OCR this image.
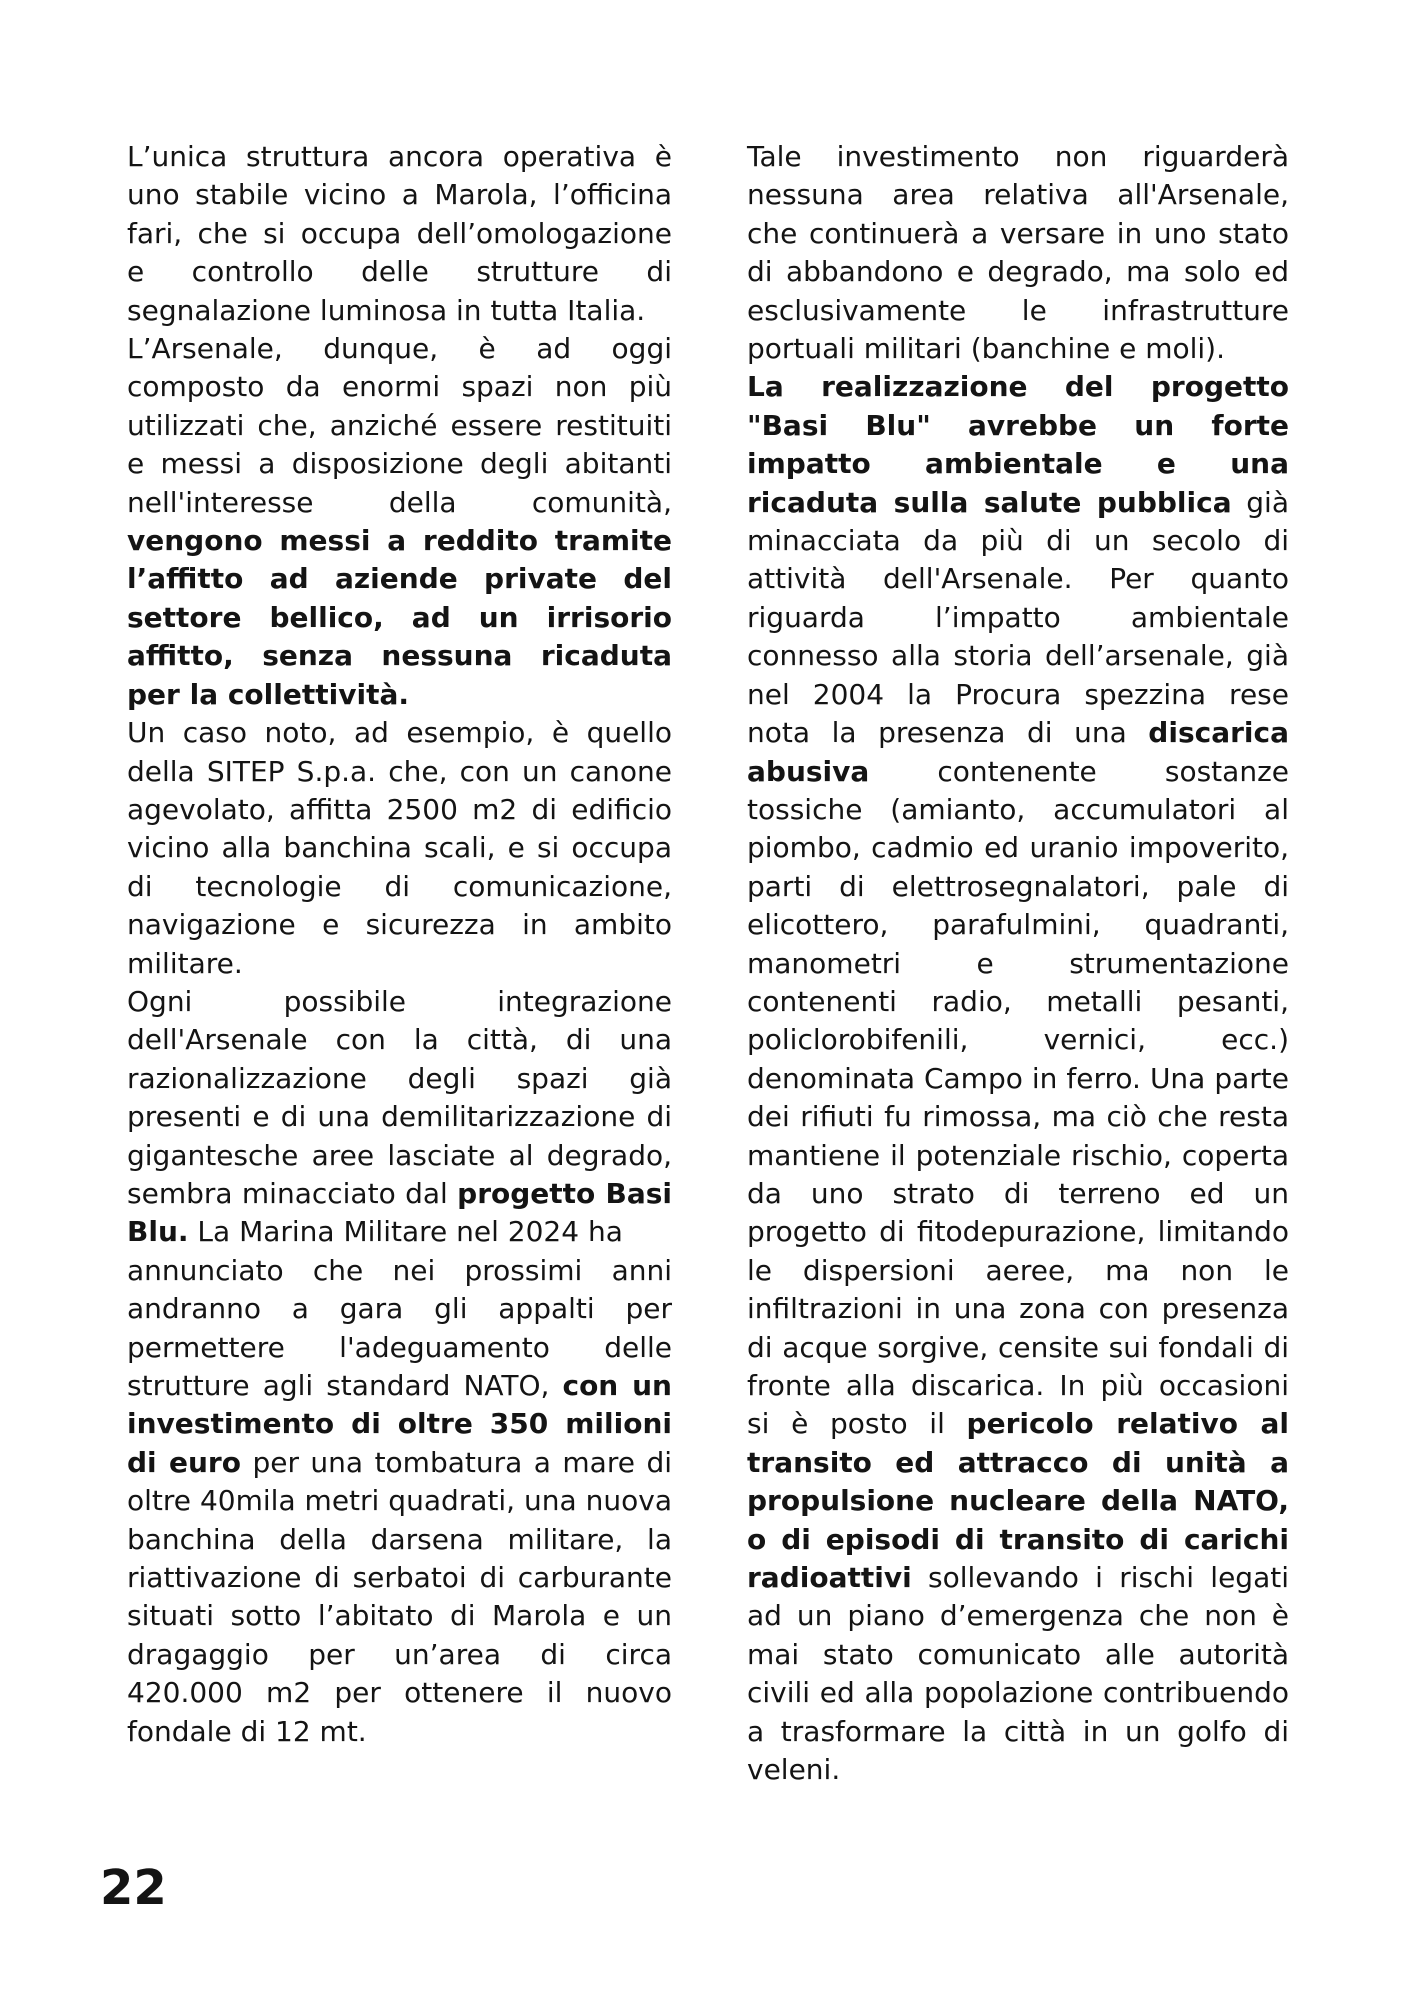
L’unica struttura ancora operativa è uno stabile vicino a Marola, l’officina fari, che si occupa dell’omologazione e controllo delle strutture di segnalazione luminosa in tutta Italia.

L’Arsenale, dunque, è ad oggi composto da enormi spazi non più utilizzati che, anziché essere restituiti e messi a disposizione degli abitanti nell'interesse della comunità, vengono messi a reddito tramite l’affitto ad aziende private del settore bellico, ad un irrisorio affitto, senza nessuna ricaduta per la collettività.

Un caso noto, ad esempio, è quello della SITEP S.p.a. che, con un canone agevolato, affitta 2500 m2 di edificio vicino alla banchina scali, e si occupa di tecnologie di comunicazione, navigazione e sicurezza in ambito militare.

Ogni possibile integrazione dell'Arsenale con la città, di una razionalizzazione degli spazi già presenti e di una demilitarizzazione di gigantesche aree lasciate al degrado, sembra minacciato dal progetto Basi Blu. La Marina Militare nel 2024 ha
annunciato che nei prossimi anni andranno a gara gli appalti per permettere l'adeguamento delle strutture agli standard NATO, con un investimento di oltre 350 milioni di euro per una tombatura a mare di oltre 40mila metri quadrati, una nuova banchina della darsena militare, la riattivazione di serbatoi di carburante situati sotto l’abitato di Marola e un dragaggio per un’area di circa 420.000 m2 per ottenere il nuovo fondale di 12 mt.

Tale investimento non riguarderà nessuna area relativa all'Arsenale, che continuerà a versare in uno stato di abbandono e degrado, ma solo ed esclusivamente le infrastrutture portuali militari (banchine e moli).

La realizzazione del progetto "Basi Blu" avrebbe un forte impatto ambientale e una ricaduta sulla salute pubblica già minacciata da più di un secolo di attività dell'Arsenale. Per quanto riguarda l’impatto ambientale connesso alla storia dell’arsenale, già nel 2004 la Procura spezzina rese nota la presenza di una discarica abusiva contenente sostanze tossiche (amianto, accumulatori al piombo, cadmio ed uranio impoverito, parti di elettrosegnalatori, pale di elicottero, parafulmini, quadranti, manometri e strumentazione contenenti radio, metalli pesanti, policlorobifenili, vernici, ecc.) denominata Campo in ferro. Una parte dei rifiuti fu rimossa, ma ciò che resta mantiene il potenziale rischio, coperta da uno strato di terreno ed un progetto di fitodepurazione, limitando le dispersioni aeree, ma non le infiltrazioni in una zona con presenza di acque sorgive, censite sui fondali di fronte alla discarica. In più occasioni si è posto il pericolo relativo al transito ed attracco di unità a propulsione nucleare della NATO, o di episodi di transito di carichi radioattivi sollevando i rischi legati ad un piano d’emergenza che non è mai stato comunicato alle autorità civili ed alla popolazione contribuendo a trasformare la città in un golfo di veleni.

22
